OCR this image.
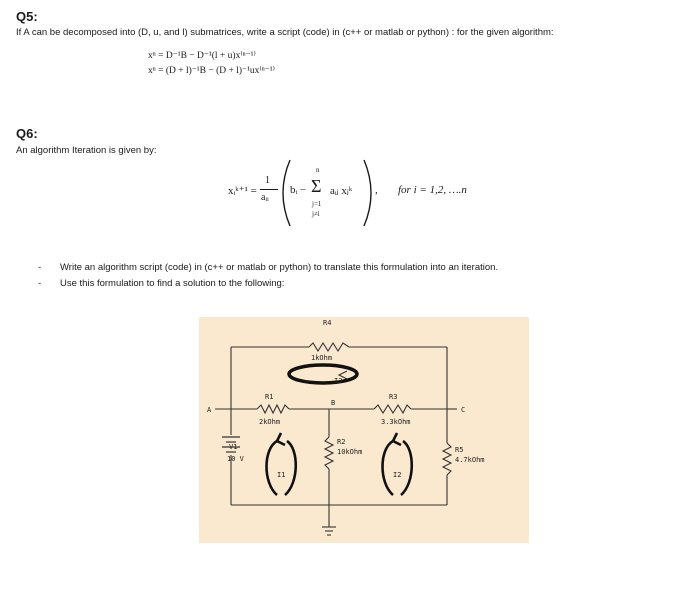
Q5:
If A can be decomposed into (D, u, and l) submatrices, write a script (code) in (c++ or matlab or python) : for the given algorithm:
xⁿ = D⁻¹B − D⁻¹(l + u)x⁽ⁿ⁻¹⁾
xⁿ = (D + l)⁻¹B − (D + l)⁻¹ux⁽ⁿ⁻¹⁾
Q6:
An algorithm Iteration is given by:
xᵢᵏ⁺¹ =
1
aᵢᵢ
bᵢ −
n
Σ
j=1
j≠i
aᵢⱼ xⱼᵏ , for i = 1,2, ….n
- Write an algorithm script (code) in (c++ or matlab or python) to translate this formulation into an iteration.
- Use this formulation to find a solution to the following:
R4
1kOhm
I3
R1
2kOhm
B
A	C
R3
3.3kOhm
R2
10kOhm	R5
4.7kOhm
V1
10 V
I1	I2
